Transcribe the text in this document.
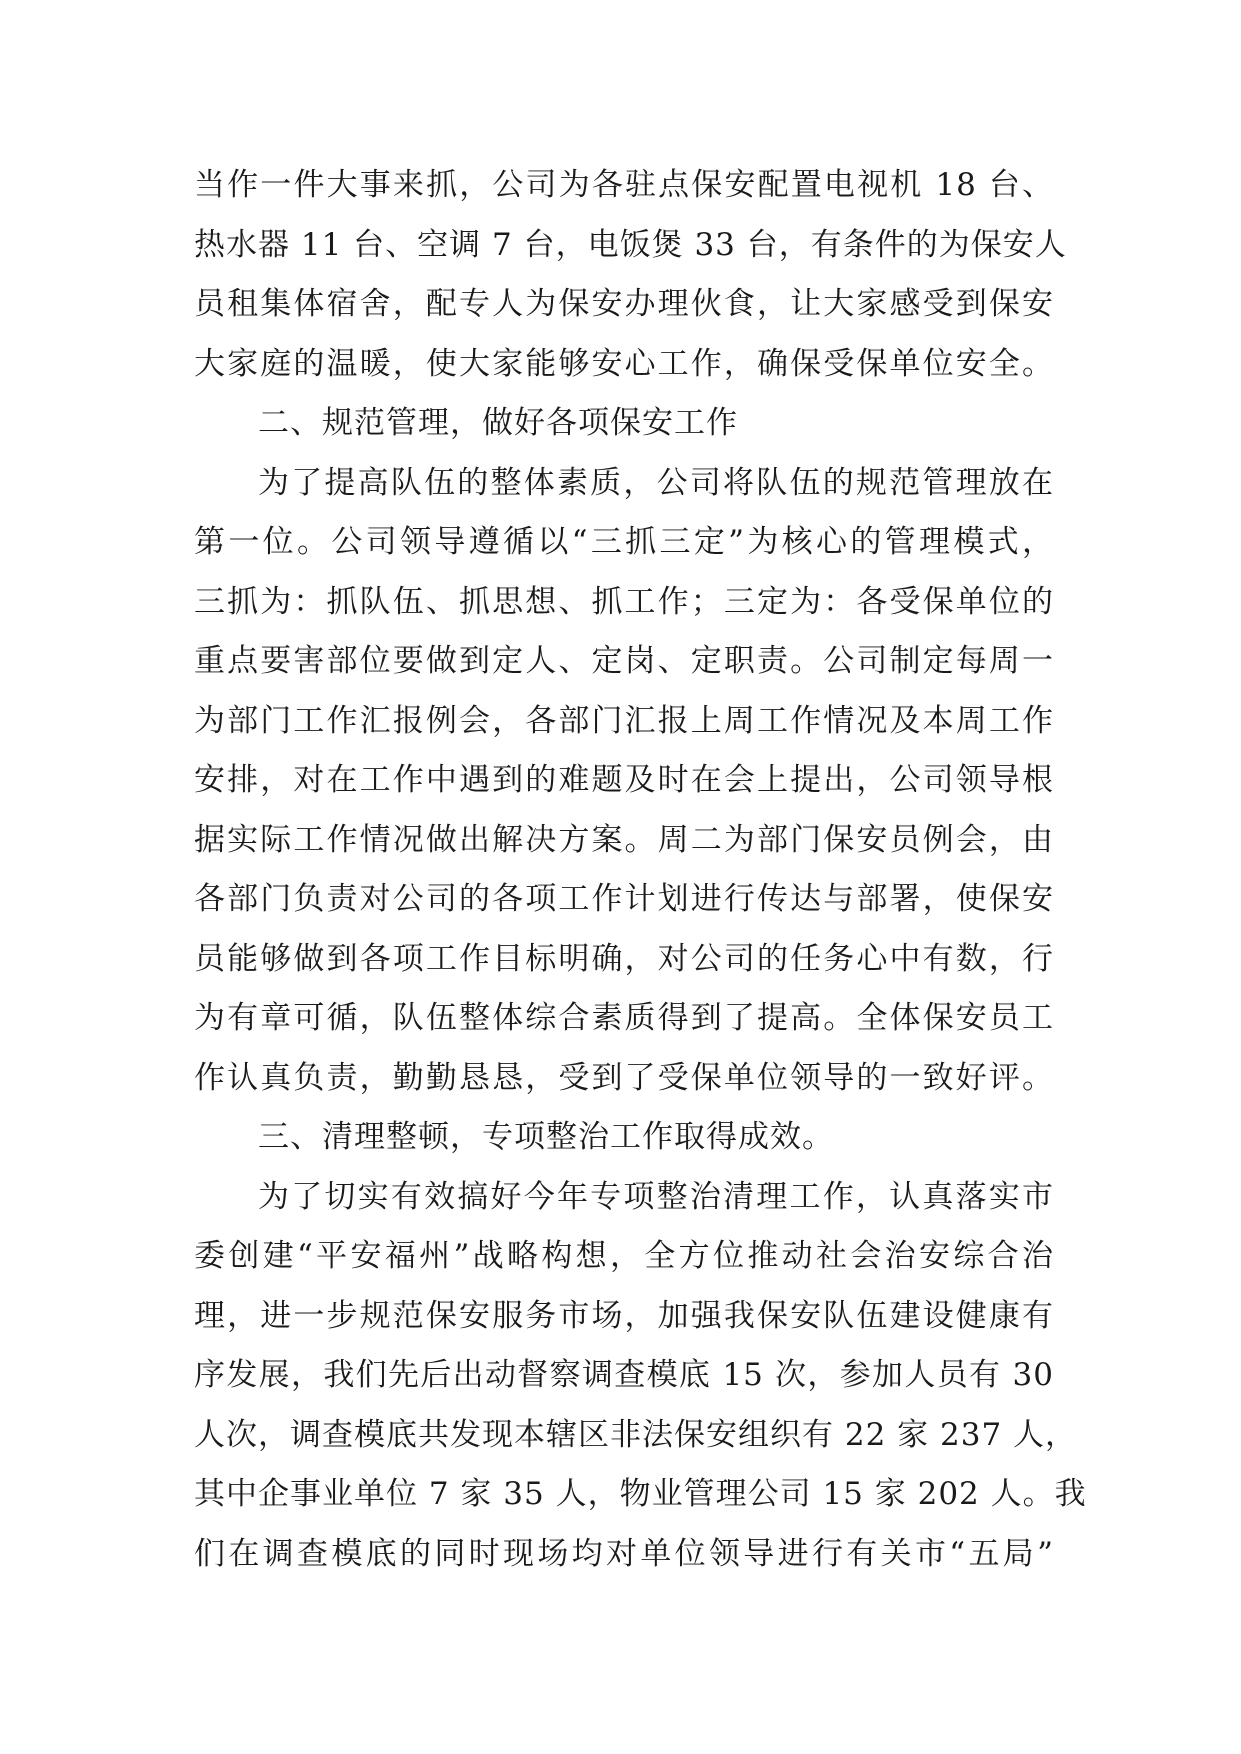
当作一件大事来抓，公司为各驻点保安配置电视机 18 台、
热水器 11 台、空调 7 台，电饭煲 33 台，有条件的为保安人
员租集体宿舍，配专人为保安办理伙食，让大家感受到保安
大家庭的温暖，使大家能够安心工作，确保受保单位安全。
二、规范管理，做好各项保安工作
为了提高队伍的整体素质，公司将队伍的规范管理放在
第一位。公司领导遵循以“三抓三定”为核心的管理模式，
三抓为：抓队伍、抓思想、抓工作；三定为：各受保单位的
重点要害部位要做到定人、定岗、定职责。公司制定每周一
为部门工作汇报例会，各部门汇报上周工作情况及本周工作
安排，对在工作中遇到的难题及时在会上提出，公司领导根
据实际工作情况做出解决方案。周二为部门保安员例会，由
各部门负责对公司的各项工作计划进行传达与部署，使保安
员能够做到各项工作目标明确，对公司的任务心中有数，行
为有章可循，队伍整体综合素质得到了提高。全体保安员工
作认真负责，勤勤恳恳，受到了受保单位领导的一致好评。
三、清理整顿，专项整治工作取得成效。
为了切实有效搞好今年专项整治清理工作，认真落实市
委创建“平安福州”战略构想，全方位推动社会治安综合治
理，进一步规范保安服务市场，加强我保安队伍建设健康有
序发展，我们先后出动督察调查模底 15 次，参加人员有 30
人次，调查模底共发现本辖区非法保安组织有 22 家 237 人，
其中企事业单位 7 家 35 人，物业管理公司 15 家 202 人。我
们在调查模底的同时现场均对单位领导进行有关市“五局”
